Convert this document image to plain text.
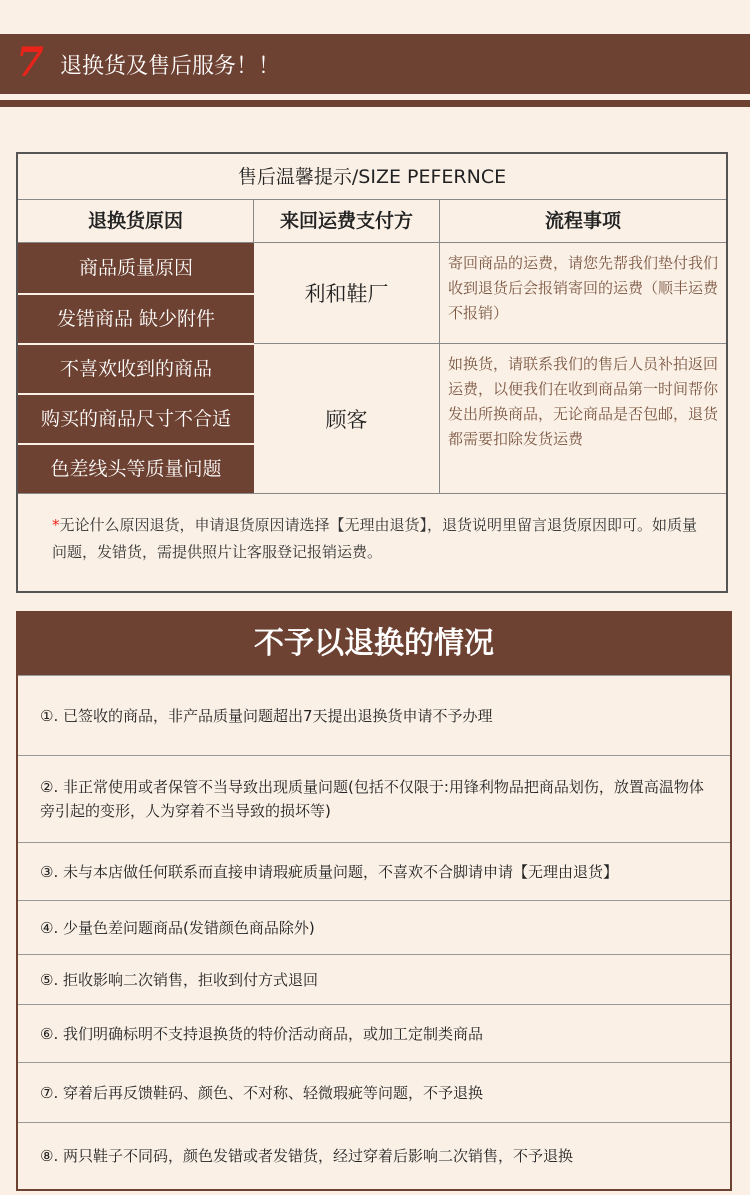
7 退换货及售后服务！！
售后温馨提示/SIZE PEFERNCE
退换货原因	来回运费支付方	流程事项
商品质量原因
发错商品 缺少附件
利和鞋厂
寄回商品的运费，请您先帮我们垫付我们收到退货后会报销寄回的运费（顺丰运费不报销）
不喜欢收到的商品
购买的商品尺寸不合适
色差线头等质量问题
顾客
如换货，请联系我们的售后人员补拍返回运费，以便我们在收到商品第一时间帮你发出所换商品，无论商品是否包邮，退货都需要扣除发货运费
*无论什么原因退货，申请退货原因请选择【无理由退货】，退货说明里留言退货原因即可。如质量问题，发错货，需提供照片让客服登记报销运费。
不予以退换的情况
①. 已签收的商品，非产品质量问题超出7天提出退换货申请不予办理
②. 非正常使用或者保管不当导致出现质量问题(包括不仅限于:用锋利物品把商品划伤，放置高温物体旁引起的变形，人为穿着不当导致的损坏等)
③. 未与本店做任何联系而直接申请瑕疵质量问题，不喜欢不合脚请申请【无理由退货】
④. 少量色差问题商品(发错颜色商品除外)
⑤. 拒收影响二次销售，拒收到付方式退回
⑥. 我们明确标明不支持退换货的特价活动商品，或加工定制类商品
⑦. 穿着后再反馈鞋码、颜色、不对称、轻微瑕疵等问题，不予退换
⑧. 两只鞋子不同码，颜色发错或者发错货，经过穿着后影响二次销售，不予退换
